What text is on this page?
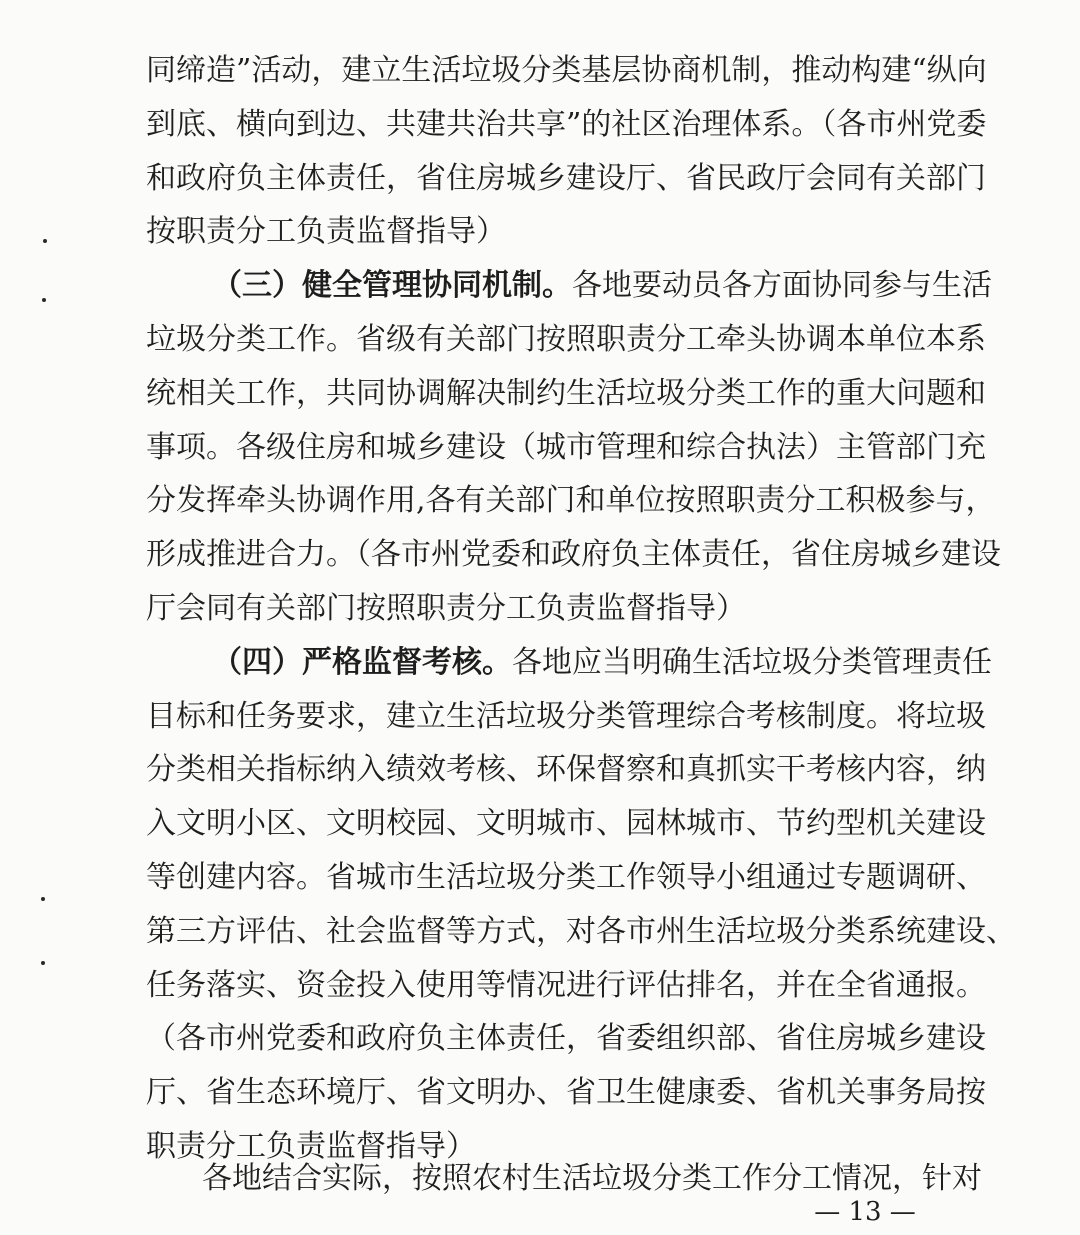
同缔造”活动，建立生活垃圾分类基层协商机制，推动构建“纵向
到底、横向到边、共建共治共享”的社区治理体系。（各市州党委
和政府负主体责任，省住房城乡建设厅、省民政厅会同有关部门
按职责分工负责监督指导）
（三）健全管理协同机制。各地要动员各方面协同参与生活
垃圾分类工作。省级有关部门按照职责分工牵头协调本单位本系
统相关工作，共同协调解决制约生活垃圾分类工作的重大问题和
事项。各级住房和城乡建设（城市管理和综合执法）主管部门充
分发挥牵头协调作用,各有关部门和单位按照职责分工积极参与，
形成推进合力。（各市州党委和政府负主体责任，省住房城乡建设
厅会同有关部门按照职责分工负责监督指导）
（四）严格监督考核。各地应当明确生活垃圾分类管理责任
目标和任务要求，建立生活垃圾分类管理综合考核制度。将垃圾
分类相关指标纳入绩效考核、环保督察和真抓实干考核内容，纳
入文明小区、文明校园、文明城市、园林城市、节约型机关建设
等创建内容。省城市生活垃圾分类工作领导小组通过专题调研、
第三方评估、社会监督等方式，对各市州生活垃圾分类系统建设、
任务落实、资金投入使用等情况进行评估排名，并在全省通报。
（各市州党委和政府负主体责任，省委组织部、省住房城乡建设
厅、省生态环境厅、省文明办、省卫生健康委、省机关事务局按
职责分工负责监督指导）
各地结合实际，按照农村生活垃圾分类工作分工情况，针对
— 13 —
